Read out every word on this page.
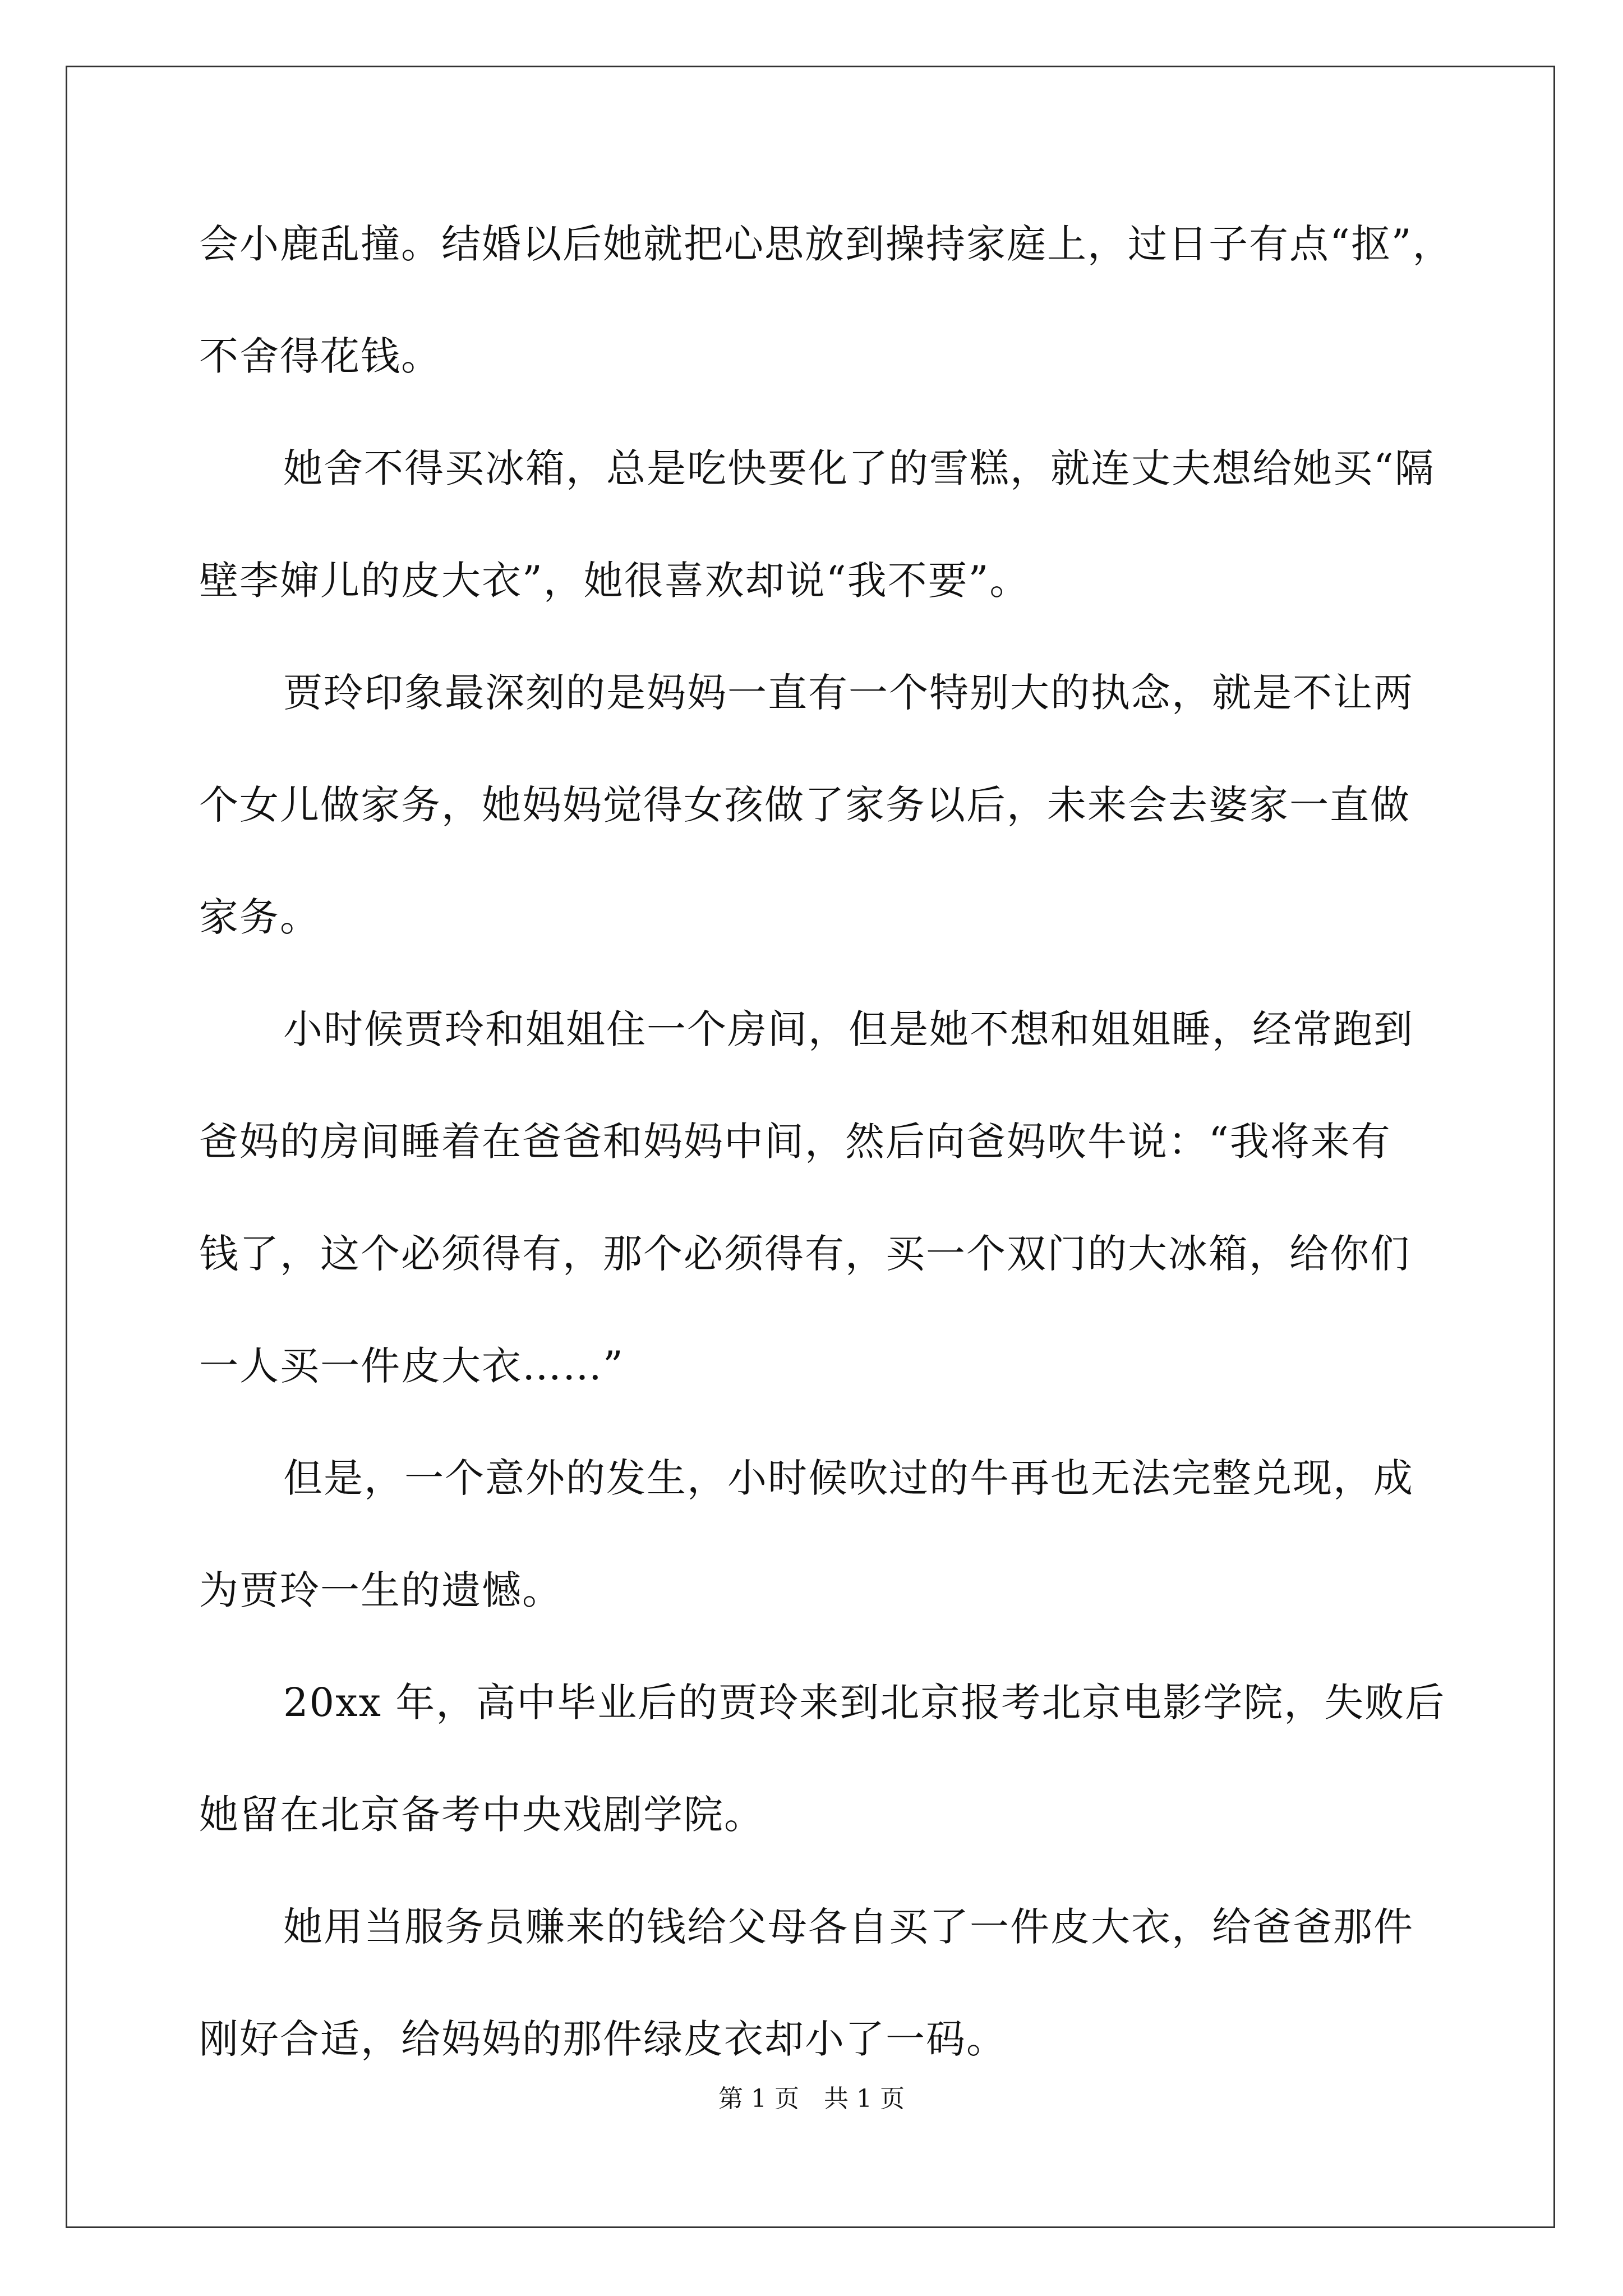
会小鹿乱撞。结婚以后她就把心思放到操持家庭上，过日子有点“抠”，
不舍得花钱。
她舍不得买冰箱，总是吃快要化了的雪糕，就连丈夫想给她买“隔
壁李婶儿的皮大衣”，她很喜欢却说“我不要”。
贾玲印象最深刻的是妈妈一直有一个特别大的执念，就是不让两
个女儿做家务，她妈妈觉得女孩做了家务以后，未来会去婆家一直做
家务。
小时候贾玲和姐姐住一个房间，但是她不想和姐姐睡，经常跑到
爸妈的房间睡着在爸爸和妈妈中间，然后向爸妈吹牛说：“我将来有
钱了，这个必须得有，那个必须得有，买一个双门的大冰箱，给你们
一人买一件皮大衣……”
但是，一个意外的发生，小时候吹过的牛再也无法完整兑现，成
为贾玲一生的遗憾。
20xx 年，高中毕业后的贾玲来到北京报考北京电影学院，失败后
她留在北京备考中央戏剧学院。
她用当服务员赚来的钱给父母各自买了一件皮大衣，给爸爸那件
刚好合适，给妈妈的那件绿皮衣却小了一码。
第 1 页　共 1 页
